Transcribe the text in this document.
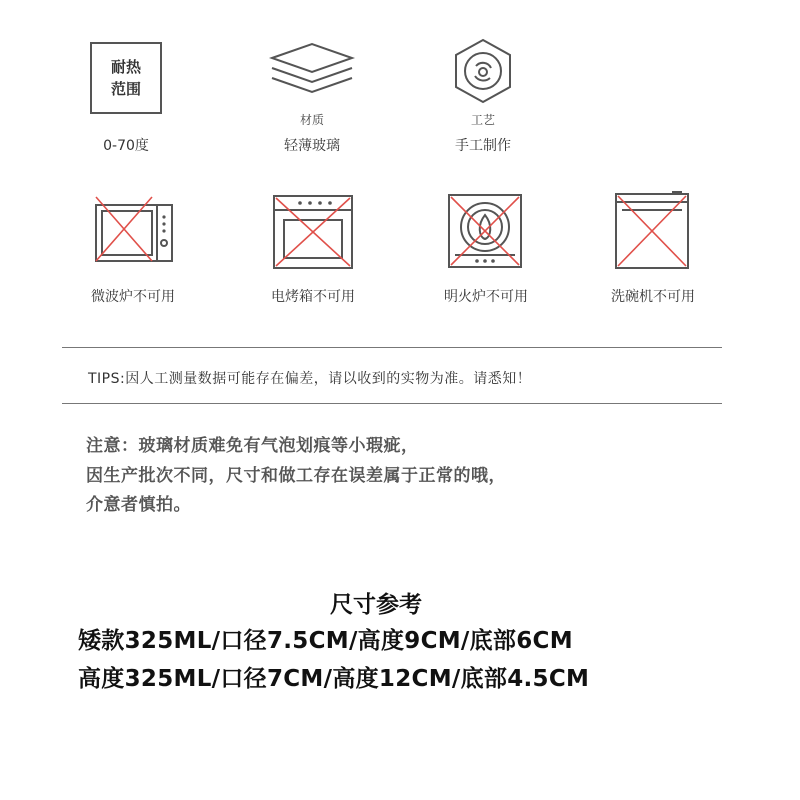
耐热
范围
0-70度
材质
轻薄玻璃
工艺
手工制作
微波炉不可用	电烤箱不可用	明火炉不可用	洗碗机不可用
TIPS:因人工测量数据可能存在偏差，请以收到的实物为准。请悉知！
注意：玻璃材质难免有气泡划痕等小瑕疵，
因生产批次不同，尺寸和做工存在误差属于正常的哦，
介意者慎拍。
尺寸参考
矮款325ML/口径7.5CM/高度9CM/底部6CM
高度325ML/口径7CM/高度12CM/底部4.5CM
